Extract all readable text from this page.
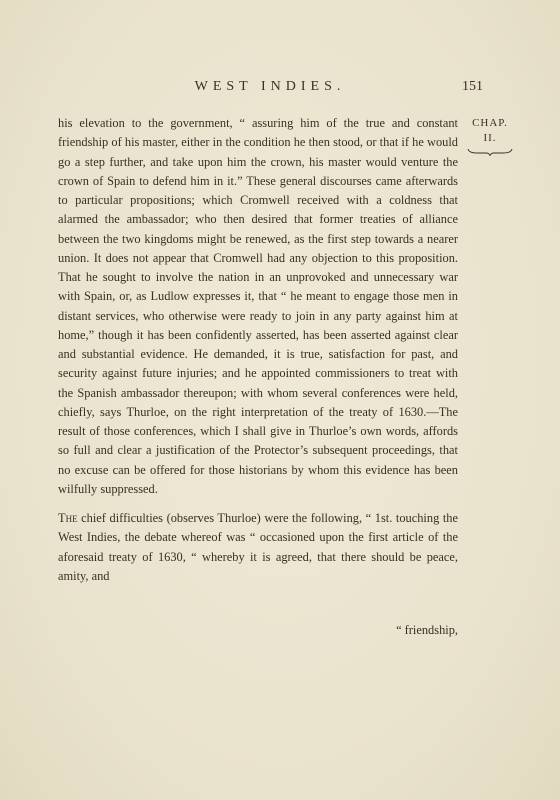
WEST INDIES.	151
CHAP.
II.

his elevation to the government, “ assuring him of the true and constant friendship of his master, either in the condition he then stood, or that if he would go a step further, and take upon him the crown, his master would venture the crown of Spain to defend him in it.” These general discourses came afterwards to particular propositions; which Cromwell received with a coldness that alarmed the ambassador; who then desired that former treaties of alliance between the two kingdoms might be renewed, as the first step towards a nearer union. It does not appear that Cromwell had any objection to this proposition. That he sought to involve the nation in an unprovoked and unnecessary war with Spain, or, as Ludlow expresses it, that “ he meant to engage those men in distant services, who otherwise were ready to join in any party against him at home,” though it has been confidently asserted, has been asserted against clear and substantial evidence. He demanded, it is true, satisfaction for past, and security against future injuries; and he appointed commissioners to treat with the Spanish ambassador thereupon; with whom several conferences were held, chiefly, says Thurloe, on the right interpretation of the treaty of 1630.—The result of those conferences, which I shall give in Thurloe’s own words, affords so full and clear a justification of the Protector’s subsequent proceedings, that no excuse can be offered for those historians by whom this evidence has been wilfully suppressed.

The chief difficulties (observes Thurloe) were the following, “ 1st. touching the West Indies, the debate whereof was “ occasioned upon the first article of the aforesaid treaty of 1630, “ whereby it is agreed, that there should be peace, amity, and

“ friendship,
